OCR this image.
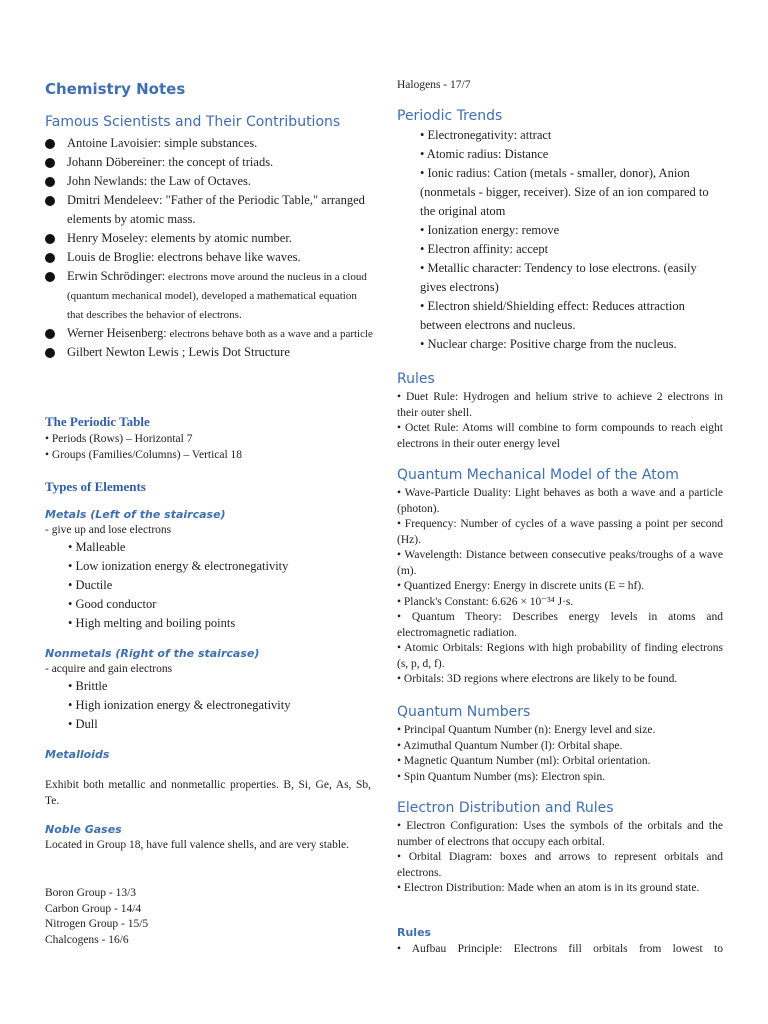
Chemistry Notes
Famous Scientists and Their Contributions
Antoine Lavoisier: simple substances.
Johann Döbereiner: the concept of triads.
John Newlands: the Law of Octaves.
Dmitri Mendeleev: "Father of the Periodic Table," arranged elements by atomic mass.
Henry Moseley: elements by atomic number.
Louis de Broglie: electrons behave like waves.
Erwin Schrödinger: electrons move around the nucleus in a cloud (quantum mechanical model), developed a mathematical equation that describes the behavior of electrons.
Werner Heisenberg: electrons behave both as a wave and a particle
Gilbert Newton Lewis ; Lewis Dot Structure
The Periodic Table

• Periods (Rows) – Horizontal 7

• Groups (Families/Columns) – Vertical 18

Types of Elements
Metals (Left of the staircase)

- give up and lose electrons

• Malleable
• Low ionization energy & electronegativity
• Ductile
• Good conductor
• High melting and boiling points
Nonmetals (Right of the staircase)

- acquire and gain electrons

• Brittle
• High ionization energy & electronegativity
• Dull
Metalloids

Exhibit both metallic and nonmetallic properties. B, Si, Ge, As, Sb, Te.

Noble Gases

Located in Group 18, have full valence shells, and are very stable.

Boron Group - 13/3

Carbon Group - 14/4

Nitrogen Group - 15/5

Chalcogens - 16/6

Halogens - 17/7

Periodic Trends

• Electronegativity: attract

• Atomic radius: Distance

• Ionic radius: Cation (metals - smaller, donor), Anion (nonmetals - bigger, receiver). Size of an ion compared to the original atom

• Ionization energy: remove

• Electron affinity: accept

• Metallic character: Tendency to lose electrons. (easily gives electrons)

• Electron shield/Shielding effect: Reduces attraction between electrons and nucleus.

• Nuclear charge: Positive charge from the nucleus.

Rules

• Duet Rule: Hydrogen and helium strive to achieve 2 electrons in their outer shell.

• Octet Rule: Atoms will combine to form compounds to reach eight electrons in their outer energy level

Quantum Mechanical Model of the Atom

• Wave-Particle Duality: Light behaves as both a wave and a particle (photon).

• Frequency: Number of cycles of a wave passing a point per second (Hz).

• Wavelength: Distance between consecutive peaks/troughs of a wave (m).

• Quantized Energy: Energy in discrete units (E = hf).

• Planck's Constant: 6.626 × 10⁻³⁴ J·s.

• Quantum Theory: Describes energy levels in atoms and electromagnetic radiation.

• Atomic Orbitals: Regions with high probability of finding electrons (s, p, d, f).

• Orbitals: 3D regions where electrons are likely to be found.

Quantum Numbers

• Principal Quantum Number (n): Energy level and size.

• Azimuthal Quantum Number (l): Orbital shape.

• Magnetic Quantum Number (ml): Orbital orientation.

• Spin Quantum Number (ms): Electron spin.

Electron Distribution and Rules

• Electron Configuration: Uses the symbols of the orbitals and the number of electrons that occupy each orbital.

• Orbital Diagram: boxes and arrows to represent orbitals and electrons.

• Electron Distribution: Made when an atom is in its ground state.

Rules

• Aufbau Principle: Electrons fill orbitals from lowest to
